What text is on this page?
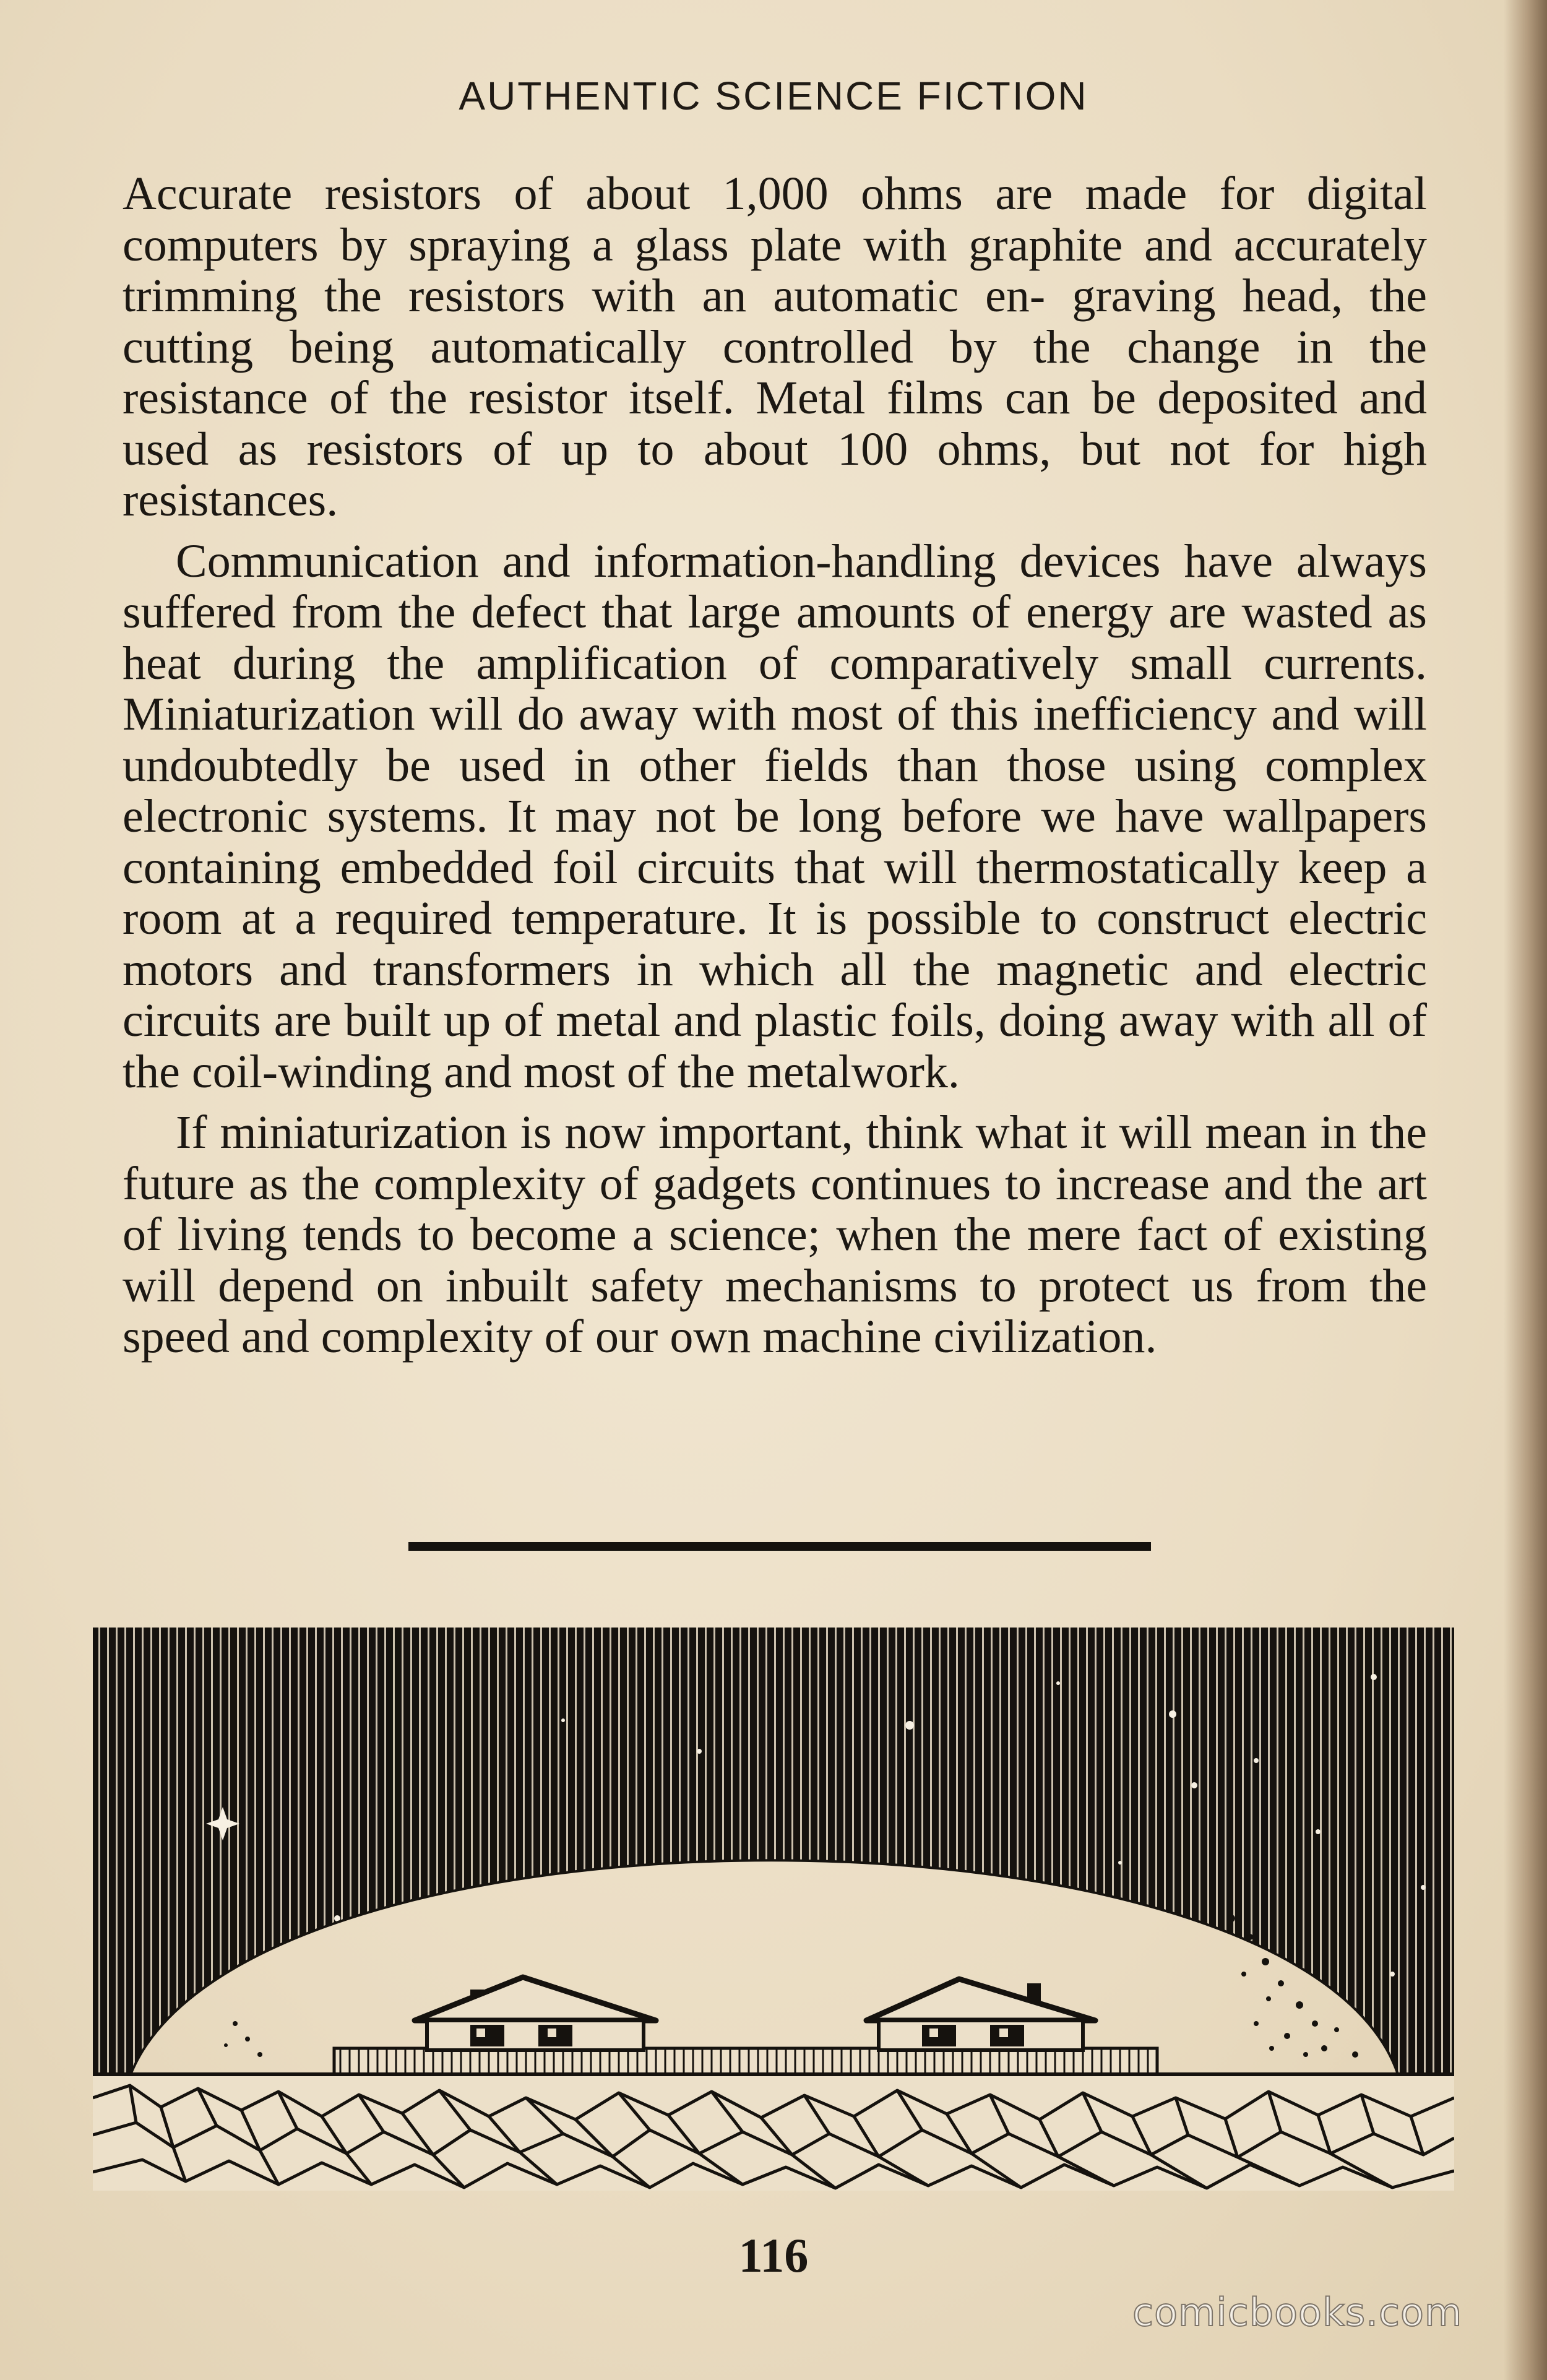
AUTHENTIC SCIENCE FICTION

Accurate resistors of about 1,000 ohms are made for digital computers by spraying a glass plate with graphite and accurately trimming the resistors with an automatic en- graving head, the cutting being automatically controlled by the change in the resistance of the resistor itself. Metal films can be deposited and used as resistors of up to about 100 ohms, but not for high resistances.

Communication and information-handling devices have always suffered from the defect that large amounts of energy are wasted as heat during the amplification of comparatively small currents. Miniaturization will do away with most of this inefficiency and will undoubtedly be used in other fields than those using complex electronic systems. It may not be long before we have wallpapers containing embedded foil circuits that will thermostatically keep a room at a required temperature. It is possible to construct electric motors and transformers in which all the magnetic and electric circuits are built up of metal and plastic foils, doing away with all of the coil-winding and most of the metalwork.

If miniaturization is now important, think what it will mean in the future as the complexity of gadgets continues to increase and the art of living tends to become a science; when the mere fact of existing will depend on inbuilt safety mechanisms to protect us from the speed and complexity of our own machine civilization.

116
comicbooks.com
